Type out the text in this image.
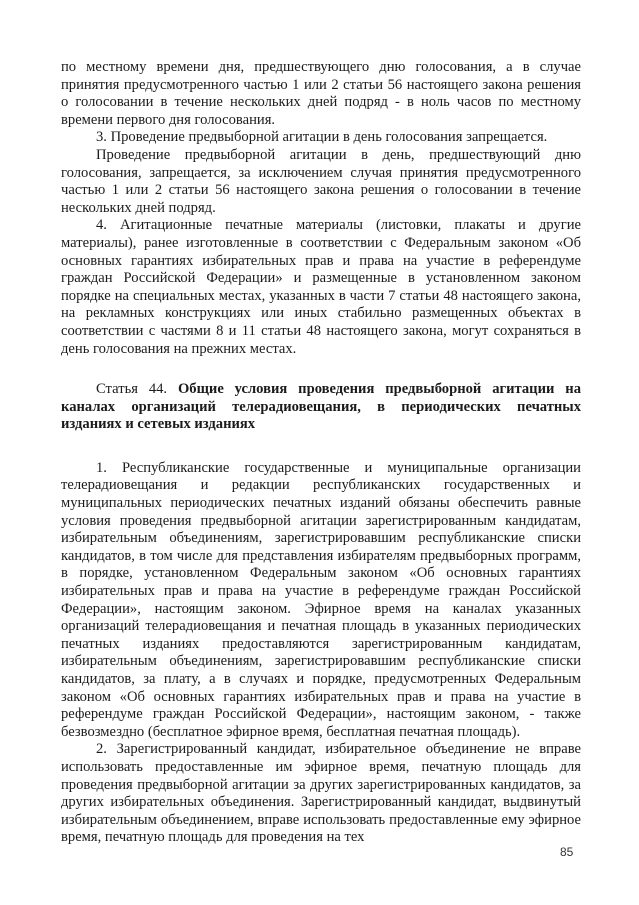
по местному времени дня, предшествующего дню голосования, а в случае принятия предусмотренного частью 1 или 2 статьи 56 настоящего закона решения о голосовании в течение нескольких дней подряд - в ноль часов по местному времени первого дня голосования.

3. Проведение предвыборной агитации в день голосования запрещается.

Проведение предвыборной агитации в день, предшествующий дню голосования, запрещается, за исключением случая принятия предусмотренного частью 1 или 2 статьи 56 настоящего закона решения о голосовании в течение нескольких дней подряд.

4. Агитационные печатные материалы (листовки, плакаты и другие материалы), ранее изготовленные в соответствии с Федеральным законом «Об основных гарантиях избирательных прав и права на участие в референдуме граждан Российской Федерации» и размещенные в установленном законом порядке на специальных местах, указанных в части 7 статьи 48 настоящего закона, на рекламных конструкциях или иных стабильно размещенных объектах в соответствии с частями 8 и 11 статьи 48 настоящего закона, могут сохраняться в день голосования на прежних местах.

Статья 44. Общие условия проведения предвыборной агитации на каналах организаций телерадиовещания, в периодических печатных изданиях и сетевых изданиях

1. Республиканские государственные и муниципальные организации телерадиовещания и редакции республиканских государственных и муниципальных периодических печатных изданий обязаны обеспечить равные условия проведения предвыборной агитации зарегистрированным кандидатам, избирательным объединениям, зарегистрировавшим республиканские списки кандидатов, в том числе для представления избирателям предвыборных программ, в порядке, установленном Федеральным законом «Об основных гарантиях избирательных прав и права на участие в референдуме граждан Российской Федерации», настоящим законом. Эфирное время на каналах указанных организаций телерадиовещания и печатная площадь в указанных периодических печатных изданиях предоставляются зарегистрированным кандидатам, избирательным объединениям, зарегистрировавшим республиканские списки кандидатов, за плату, а в случаях и порядке, предусмотренных Федеральным законом «Об основных гарантиях избирательных прав и права на участие в референдуме граждан Российской Федерации», настоящим законом, - также безвозмездно (бесплатное эфирное время, бесплатная печатная площадь).

2. Зарегистрированный кандидат, избирательное объединение не вправе использовать предоставленные им эфирное время, печатную площадь для проведения предвыборной агитации за других зарегистрированных кандидатов, за других избирательных объединения. Зарегистрированный кандидат, выдвинутый избирательным объединением, вправе использовать предоставленные ему эфирное время, печатную площадь для проведения на тех

85
